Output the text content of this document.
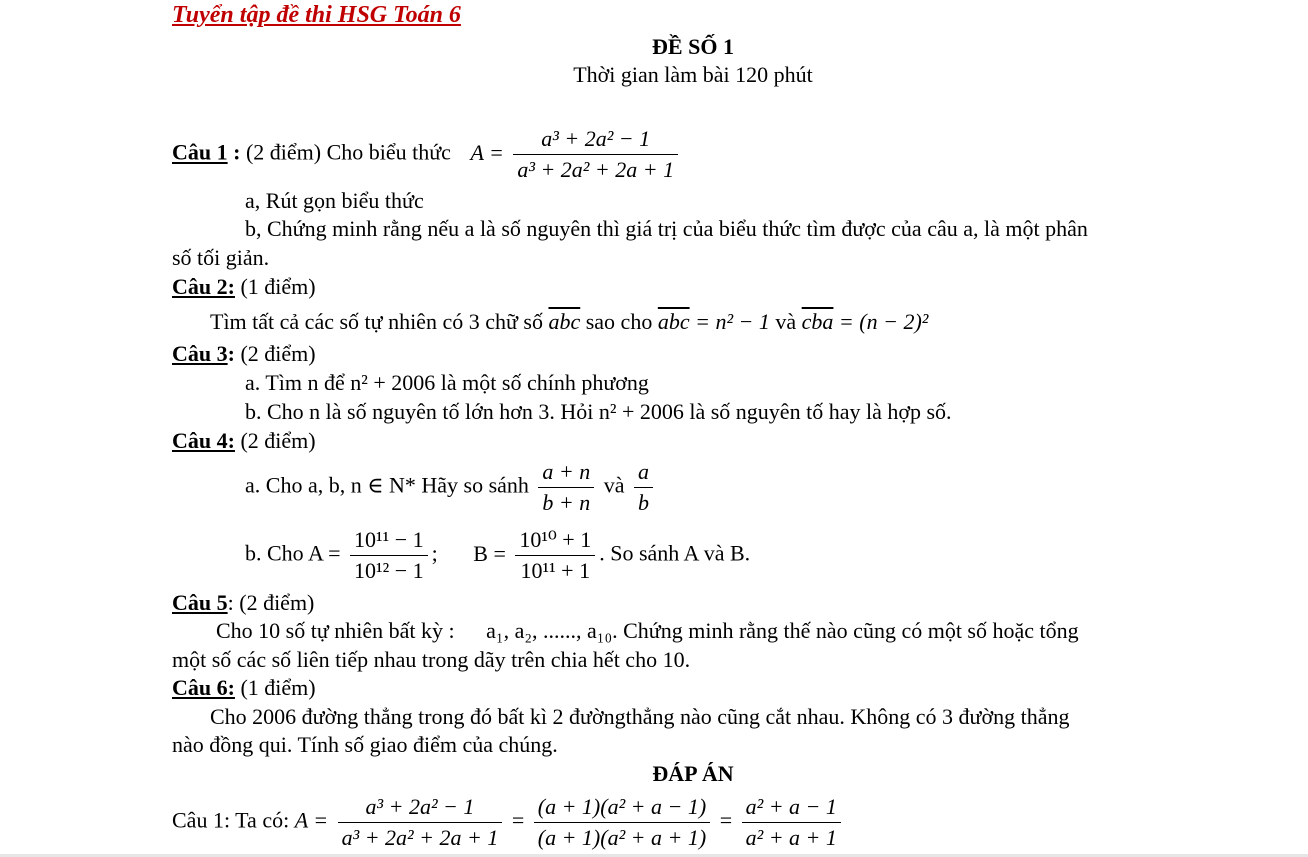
Tuyển tập đề thi HSG Toán 6
ĐỀ SỐ 1
Thời gian làm bài 120 phút
Câu 1 : (2 điểm) Cho biểu thức $A = \frac{\text{a³ + 2a² − 1}}{\text{a³ + 2a² + 2a + 1}}$
a, Rút gọn biểu thức
b, Chứng minh rằng nếu a là số nguyên thì giá trị của biểu thức tìm được của câu a, là một phân
số tối giản.
Câu 2: (1 điểm)
Tìm tất cả các số tự nhiên có 3 chữ số $\overline{abc}$ sao cho $\overline{abc} = n^2 - 1$ và $\overline{cba} = (n - 2)^2$
Câu 3: (2 điểm)
a. Tìm n để n² + 2006 là một số chính phương
b. Cho n là số nguyên tố lớn hơn 3. Hỏi n² + 2006 là số nguyên tố hay là hợp số.
Câu 4: (2 điểm)
a. Cho a, b, n ∈ N* Hãy so sánh $\frac{a + n}{b + n}$ và $\frac{a}{b}$
b. Cho $A = \frac{\text{10¹¹ − 1}}{\text{10¹² − 1}}$ ; $B = \frac{\text{10¹⁰ + 1}}{\text{10¹¹ + 1}}$ . So sánh A và B.
Câu 5: (2 điểm)
Cho 10 số tự nhiên bất kỳ : a₁, a₂, ......, a₁₀. Chứng minh rằng thế nào cũng có một số hoặc tổng
một số các số liên tiếp nhau trong dãy trên chia hết cho 10.
Câu 6: (1 điểm)
Cho 2006 đường thẳng trong đó bất kì 2 đườngthẳng nào cũng cắt nhau. Không có 3 đường thẳng
nào đồng qui. Tính số giao điểm của chúng.
ĐÁP ÁN
Câu 1: Ta có: $A = \frac{\text{a³ + 2a² − 1}}{\text{a³ + 2a² + 2a + 1}} = \frac{\text{(a + 1)(a² + a − 1)}}{\text{(a + 1)(a² + a + 1)}} = \frac{\text{a² + a − 1}}{\text{a² + a + 1}}$
